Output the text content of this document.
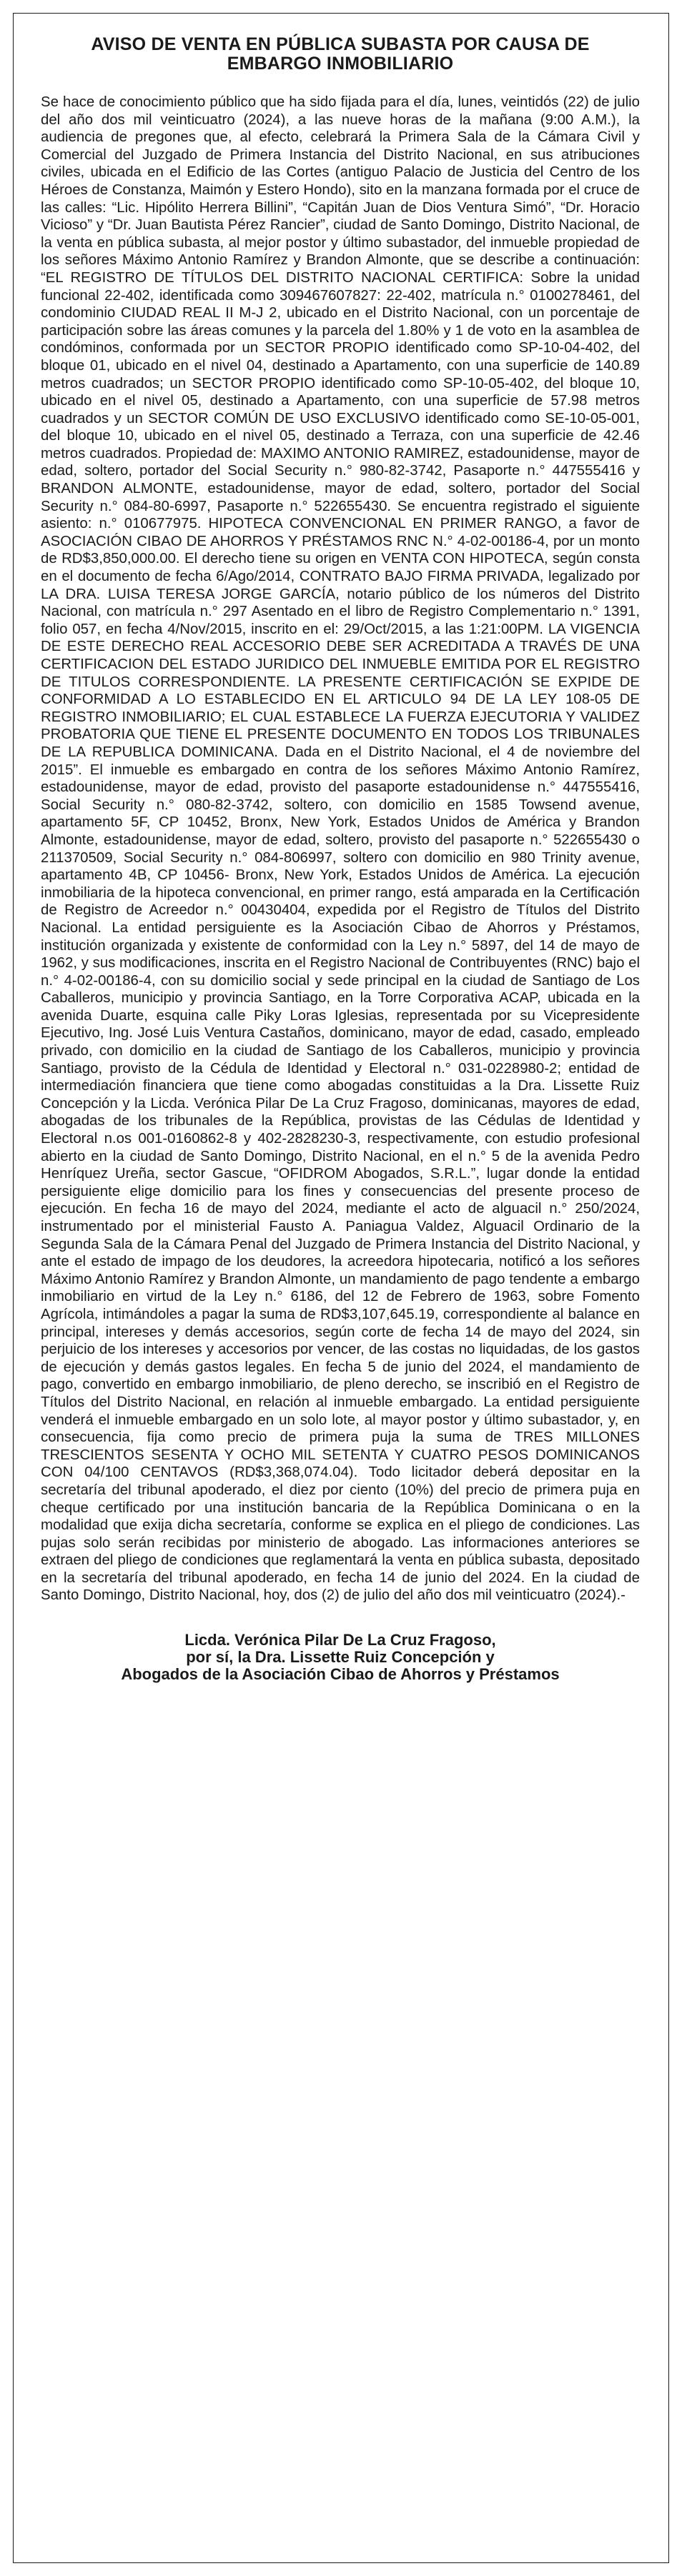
AVISO DE VENTA EN PÚBLICA SUBASTA POR CAUSA DE
EMBARGO INMOBILIARIO

Se hace de conocimiento público que ha sido fijada para el día, lunes, veintidós (22) de julio del año dos mil veinticuatro (2024), a las nueve horas de la mañana (9:00 A.M.), la audiencia de pregones que, al efecto, celebrará la Primera Sala de la Cámara Civil y Comercial del Juzgado de Primera Instancia del Distrito Nacional, en sus atribuciones civiles, ubicada en el Edificio de las Cortes (antiguo Palacio de Justicia del Centro de los Héroes de Constanza, Maimón y Estero Hondo), sito en la manzana formada por el cruce de las calles: “Lic. Hipólito Herrera Billini”, “Capitán Juan de Dios Ventura Simó”, “Dr. Horacio Vicioso” y “Dr. Juan Bautista Pérez Rancier”, ciudad de Santo Domingo, Distrito Nacional, de la venta en pública subasta, al mejor postor y último subastador, del inmueble propiedad de los señores Máximo Antonio Ramírez y Brandon Almonte, que se describe a continuación: “EL REGISTRO DE TÍTULOS DEL DISTRITO NACIONAL CERTIFICA: Sobre la unidad funcional 22-402, identificada como 309467607827: 22-402, matrícula n.° 0100278461, del condominio CIUDAD REAL II M-J 2, ubicado en el Distrito Nacional, con un porcentaje de participación sobre las áreas comunes y la parcela del 1.80% y 1 de voto en la asamblea de condóminos, conformada por un SECTOR PROPIO identificado como SP-10-04-402, del bloque 01, ubicado en el nivel 04, destinado a Apartamento, con una superficie de 140.89 metros cuadrados; un SECTOR PROPIO identificado como SP-10-05-402, del bloque 10, ubicado en el nivel 05, destinado a Apartamento, con una superficie de 57.98 metros cuadrados y un SECTOR COMÚN DE USO EXCLUSIVO identificado como SE-10-05-001, del bloque 10, ubicado en el nivel 05, destinado a Terraza, con una superficie de 42.46 metros cuadrados. Propiedad de: MAXIMO ANTONIO RAMIREZ, estadounidense, mayor de edad, soltero, portador del Social Security n.° 980-82-3742, Pasaporte n.° 447555416 y BRANDON ALMONTE, estadounidense, mayor de edad, soltero, portador del Social Security n.° 084-80-6997, Pasaporte n.° 522655430. Se encuentra registrado el siguiente asiento: n.° 010677975. HIPOTECA CONVENCIONAL EN PRIMER RANGO, a favor de ASOCIACIÓN CIBAO DE AHORROS Y PRÉSTAMOS RNC N.° 4-02-00186-4, por un monto de RD$3,850,000.00. El derecho tiene su origen en VENTA CON HIPOTECA, según consta en el documento de fecha 6/Ago/2014, CONTRATO BAJO FIRMA PRIVADA, legalizado por LA DRA. LUISA TERESA JORGE GARCÍA, notario público de los números del Distrito Nacional, con matrícula n.° 297 Asentado en el libro de Registro Complementario n.° 1391, folio 057, en fecha 4/Nov/2015, inscrito en el: 29/Oct/2015, a las 1:21:00PM. LA VIGENCIA DE ESTE DERECHO REAL ACCESORIO DEBE SER ACREDITADA A TRAVÉS DE UNA CERTIFICACION DEL ESTADO JURIDICO DEL INMUEBLE EMITIDA POR EL REGISTRO DE TITULOS CORRESPONDIENTE. LA PRESENTE CERTIFICACIÓN SE EXPIDE DE CONFORMIDAD A LO ESTABLECIDO EN EL ARTICULO 94 DE LA LEY 108-05 DE REGISTRO INMOBILIARIO; EL CUAL ESTABLECE LA FUERZA EJECUTORIA Y VALIDEZ PROBATORIA QUE TIENE EL PRESENTE DOCUMENTO EN TODOS LOS TRIBUNALES DE LA REPUBLICA DOMINICANA. Dada en el Distrito Nacional, el 4 de noviembre del 2015”. El inmueble es embargado en contra de los señores Máximo Antonio Ramírez, estadounidense, mayor de edad, provisto del pasaporte estadounidense n.° 447555416, Social Security n.° 080-82-3742, soltero, con domicilio en 1585 Towsend avenue, apartamento 5F, CP 10452, Bronx, New York, Estados Unidos de América y Brandon Almonte, estadounidense, mayor de edad, soltero, provisto del pasaporte n.° 522655430 o 211370509, Social Security n.° 084-806997, soltero con domicilio en 980 Trinity avenue, apartamento 4B, CP 10456- Bronx, New York, Estados Unidos de América. La ejecución inmobiliaria de la hipoteca convencional, en primer rango, está amparada en la Certificación de Registro de Acreedor n.° 00430404, expedida por el Registro de Títulos del Distrito Nacional. La entidad persiguiente es la Asociación Cibao de Ahorros y Préstamos, institución organizada y existente de conformidad con la Ley n.° 5897, del 14 de mayo de 1962, y sus modificaciones, inscrita en el Registro Nacional de Contribuyentes (RNC) bajo el n.° 4-02-00186-4, con su domicilio social y sede principal en la ciudad de Santiago de Los Caballeros, municipio y provincia Santiago, en la Torre Corporativa ACAP, ubicada en la avenida Duarte, esquina calle Piky Loras Iglesias, representada por su Vicepresidente Ejecutivo, Ing. José Luis Ventura Castaños, dominicano, mayor de edad, casado, empleado privado, con domicilio en la ciudad de Santiago de los Caballeros, municipio y provincia Santiago, provisto de la Cédula de Identidad y Electoral n.° 031-0228980-2; entidad de intermediación financiera que tiene como abogadas constituidas a la Dra. Lissette Ruiz Concepción y la Licda. Verónica Pilar De La Cruz Fragoso, dominicanas, mayores de edad, abogadas de los tribunales de la República, provistas de las Cédulas de Identidad y Electoral n.os 001-0160862-8 y 402-2828230-3, respectivamente, con estudio profesional abierto en la ciudad de Santo Domingo, Distrito Nacional, en el n.° 5 de la avenida Pedro Henríquez Ureña, sector Gascue, “OFIDROM Abogados, S.R.L.”, lugar donde la entidad persiguiente elige domicilio para los fines y consecuencias del presente proceso de ejecución. En fecha 16 de mayo del 2024, mediante el acto de alguacil n.° 250/2024, instrumentado por el ministerial Fausto A. Paniagua Valdez, Alguacil Ordinario de la Segunda Sala de la Cámara Penal del Juzgado de Primera Instancia del Distrito Nacional, y ante el estado de impago de los deudores, la acreedora hipotecaria, notificó a los señores Máximo Antonio Ramírez y Brandon Almonte, un mandamiento de pago tendente a embargo inmobiliario en virtud de la Ley n.° 6186, del 12 de Febrero de 1963, sobre Fomento Agrícola, intimándoles a pagar la suma de RD$3,107,645.19, correspondiente al balance en principal, intereses y demás accesorios, según corte de fecha 14 de mayo del 2024, sin perjuicio de los intereses y accesorios por vencer, de las costas no liquidadas, de los gastos de ejecución y demás gastos legales. En fecha 5 de junio del 2024, el mandamiento de pago, convertido en embargo inmobiliario, de pleno derecho, se inscribió en el Registro de Títulos del Distrito Nacional, en relación al inmueble embargado. La entidad persiguiente venderá el inmueble embargado en un solo lote, al mayor postor y último subastador, y, en consecuencia, fija como precio de primera puja la suma de TRES MILLONES TRESCIENTOS SESENTA Y OCHO MIL SETENTA Y CUATRO PESOS DOMINICANOS CON 04/100 CENTAVOS (RD$3,368,074.04). Todo licitador deberá depositar en la secretaría del tribunal apoderado, el diez por ciento (10%) del precio de primera puja en cheque certificado por una institución bancaria de la República Dominicana o en la modalidad que exija dicha secretaría, conforme se explica en el pliego de condiciones. Las pujas solo serán recibidas por ministerio de abogado. Las informaciones anteriores se extraen del pliego de condiciones que reglamentará la venta en pública subasta, depositado en la secretaría del tribunal apoderado, en fecha 14 de junio del 2024. En la ciudad de Santo Domingo, Distrito Nacional, hoy, dos (2) de julio del año dos mil veinticuatro (2024).-

Licda. Verónica Pilar De La Cruz Fragoso,
por sí, la Dra. Lissette Ruiz Concepción y
Abogados de la Asociación Cibao de Ahorros y Préstamos
